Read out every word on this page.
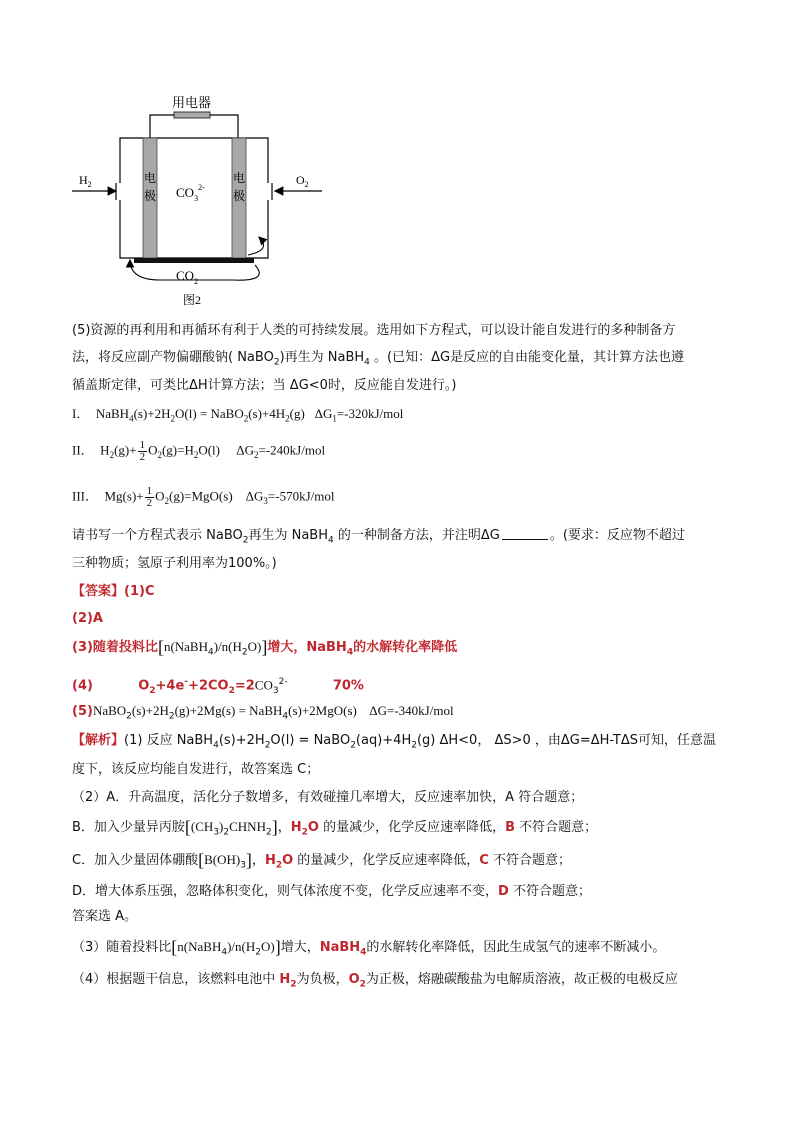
用电器
$H_2$	$O_2$
电
极
电
极
$CO_3^{2-}$
$CO_2$
图2
(5)资源的再利用和再循环有利于人类的可持续发展。选用如下方程式，可以设计能自发进行的多种制备方
法，将反应副产物偏硼酸钠( NaBO$_2$)再生为 NaBH$_4$ 。(已知：ΔG是反应的自由能变化量，其计算方法也遵
循盖斯定律，可类比ΔH计算方法；当 ΔG<0时，反应能自发进行。)
I． $NaBH_4(s)+2H_2O(l)$ = $NaBO_2(s)+4H_2(g)$ $\Delta G_1=-320kJ$/mol
II． $H_2(g)+ \frac{1}{2} O_2(g)=H_2O(l)$ $\Delta G_2=-240kJ$/mol
III． $Mg(s)+ \frac{1}{2} O_2(g)=MgO(s)$ $\Delta G_3=-570kJ$/mol
请书写一个方程式表示 NaBO$_2$再生为 NaBH$_4$ 的一种制备方法，并注明ΔG	。(要求：反应物不超过
三种物质；氢原子利用率为100%。)
【答案】(1)C
(2)A
(3)随着投料比$[n(NaBH_4)/n(H_2O)]$增大，NaBH$_4$的水解转化率降低
(4)	$O_2+4e^-+2CO_2=2CO_3^{2-}$	70%
$(5)NaBO_2(s)+2H_2(g)+2Mg(s)$ = NaBH$_4$(s)+2MgO(s) ΔG=-340kJ/mol
【解析】(1) 反应 $NaBH_4(s)+2H_2O(l)$ = $NaBO_2(aq)+4H_2(g)$ ΔH<0， ΔS>0 ，由ΔG=ΔH-TΔS可知，任意温
度下，该反应均能自发进行，故答案选 C；
（2）A．升高温度，活化分子数增多，有效碰撞几率增大，反应速率加快，A 符合题意；
B．加入少量异丙胺$[(CH_3)_2CHNH_2]$，$H_2O$ 的量减少，化学反应速率降低，B 不符合题意；
C．加入少量固体硼酸$[B(OH)_3]$，$H_2O$ 的量减少，化学反应速率降低，C 不符合题意；
D．增大体系压强，忽略体积变化，则气体浓度不变，化学反应速率不变，D 不符合题意；
答案选 A。
（3）随着投料比$[n(NaBH_4)/n(H_2O)]$增大，NaBH$_4$的水解转化率降低，因此生成氢气的速率不断减小。
（4）根据题干信息，该燃料电池中 $H_2$为负极，$O_2$为正极，熔融碳酸盐为电解质溶液，故正极的电极反应
